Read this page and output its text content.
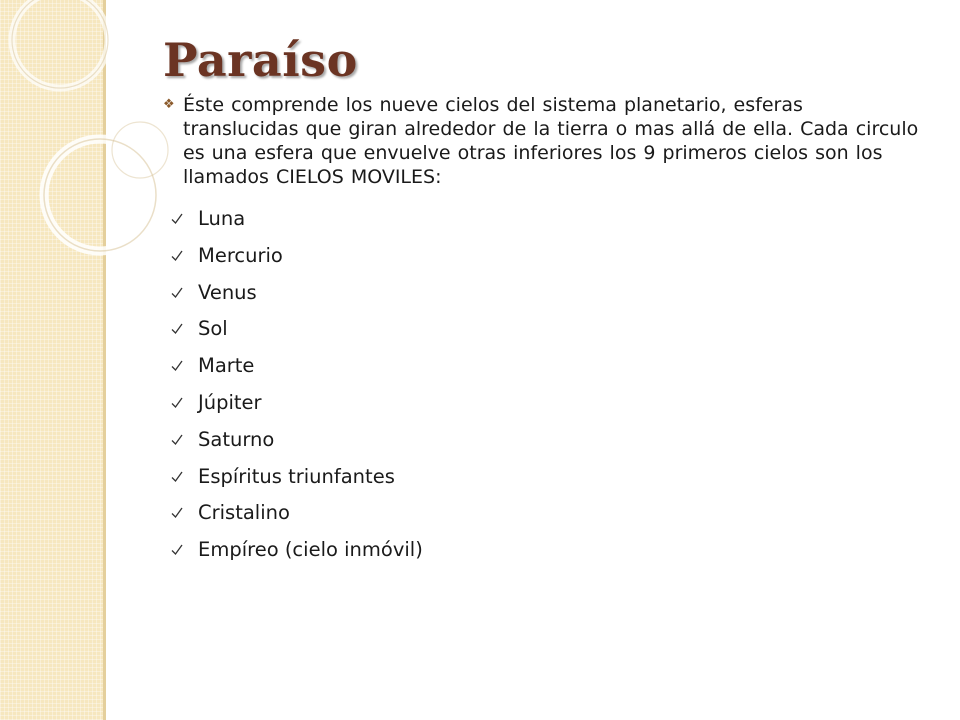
Paraíso
❖ Éste comprende los nueve cielos del sistema planetario, esferas translucidas que giran alrededor de la tierra o mas allá de ella. Cada circulo es una esfera que envuelve otras inferiores los 9 primeros cielos son los llamados CIELOS MOVILES:

Luna
Mercurio
Venus
Sol
Marte
Júpiter
Saturno
Espíritus triunfantes
Cristalino
Empíreo (cielo inmóvil)
